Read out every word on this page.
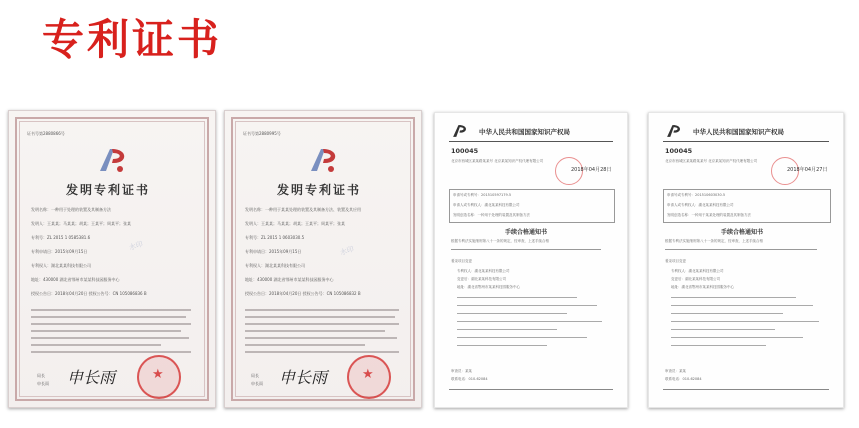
专利证书
证书号第2880866号
发明专利证书
发明名称：一种用于处理的装置及其制备方法
发明人：王某某；马某某；胡某；王某平；周某平；张某
专利号：ZL 2015 1 0585381.6
专利申请日：2015年09月15日
专利权人：湖北某某科技有限公司
地址：430000 湖北省鄂州市某某科技园服务中心
授权公告日：2018年04月20日 授权公告号：CN 105086836 B
水印
★
局长
申长雨 申长雨
证书号第2880995号
发明专利证书
发明名称：一种用于某某处理的装置及其制备方法、装置及其应用
发明人：王某某；马某某；胡某；王某平；周某平；张某
专利号：ZL 2015 1 0603030.5
专利申请日：2015年09月15日
专利权人：湖北某某科技有限公司
地址：430000 湖北省鄂州市某某科技园服务中心
授权公告日：2018年04月20日 授权公告号：CN 105086832 B
水印
★
局长
申长雨 申长雨
中华人民共和国国家知识产权局
100045
北京市西城区某某路某某号 北京某某知识产权代理有限公司
2018年04月28日
申请号或专利号：201510597179.5
申请人或专利权人：湖北某某科技有限公司
发明创造名称：一种用于处理的装置及其制备方法
手续合格通知书
根据专利法实施细则第八十一条的规定，经审查，上述手续合格
著录项目变更
专利权人：湖北某某科技有限公司
变更后：湖北某某科技有限公司
地址：湖北省鄂州市某某科技园服务中心
审查员：某某
联系电话：010-62084
中华人民共和国国家知识产权局
100045
北京市西城区某某路某某号 北京某某知识产权代理有限公司
2018年04月27日
申请号或专利号：201510603030.5
申请人或专利权人：湖北某某科技有限公司
发明创造名称：一种用于某某处理的装置及其制备方法
手续合格通知书
根据专利法实施细则第八十一条的规定，经审查，上述手续合格
著录项目变更
专利权人：湖北某某科技有限公司
变更后：湖北某某科技有限公司
地址：湖北省鄂州市某某科技园服务中心
审查员：某某
联系电话：010-62084
